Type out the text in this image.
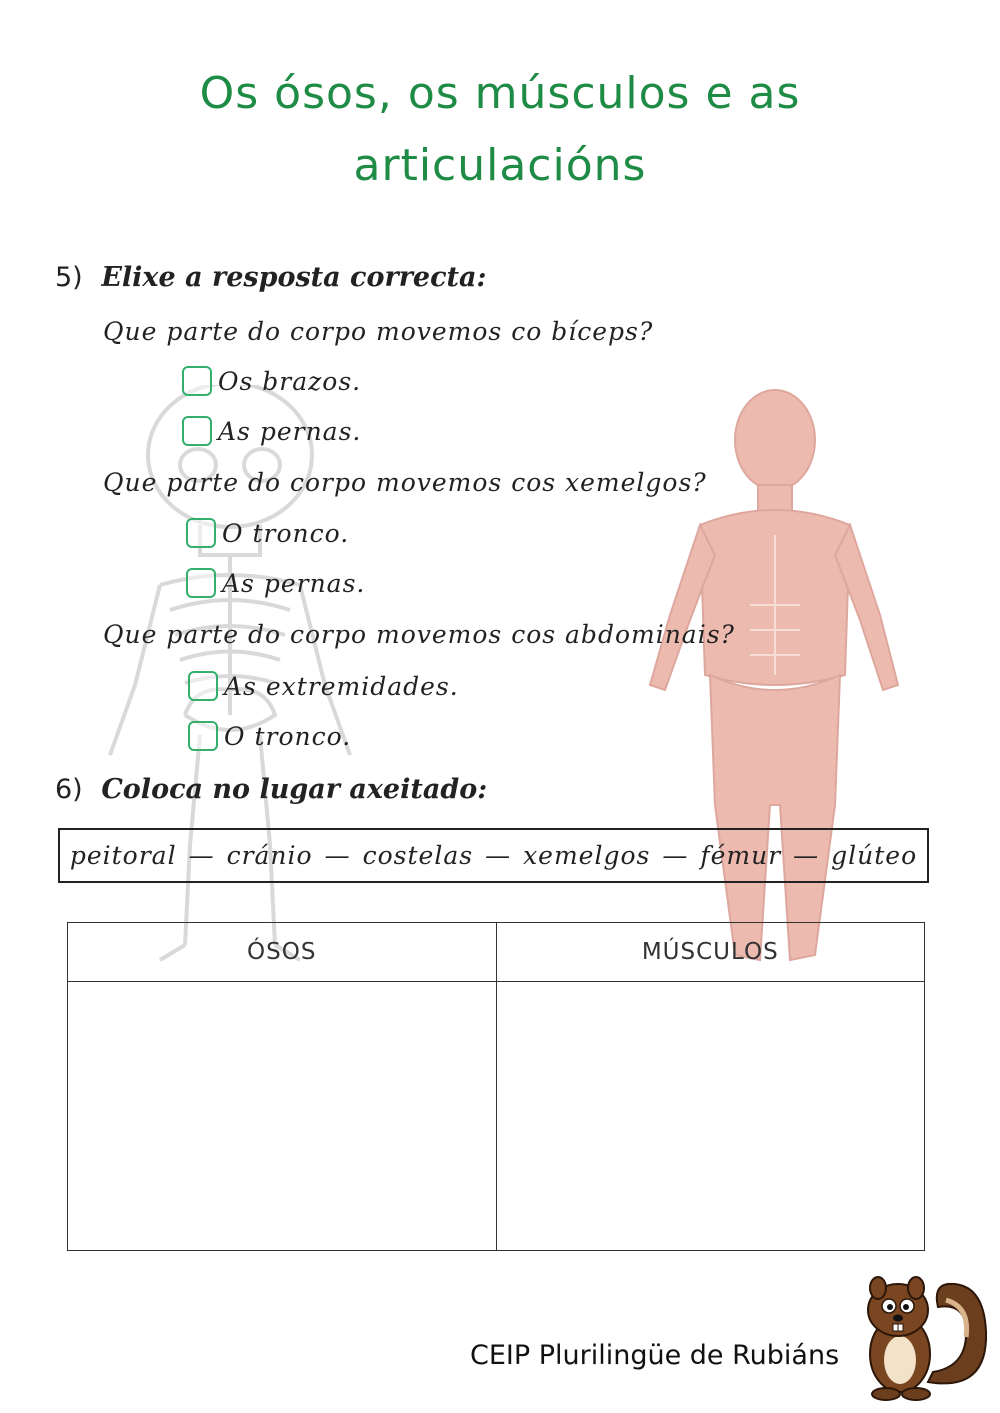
Os ósos, os músculos e as
articulacións
5) Elixe a resposta correcta:
Que parte do corpo movemos co bíceps?
Os brazos.
As pernas.
Que parte do corpo movemos cos xemelgos?
O tronco.
As pernas.
Que parte do corpo movemos cos abdominais?
As extremidades.
O tronco.
6) Coloca no lugar axeitado:
peitoral — cránio — costelas — xemelgos — fémur — glúteo
ÓSOS	MÚSCULOS

CEIP Plurilingüe de Rubiáns
